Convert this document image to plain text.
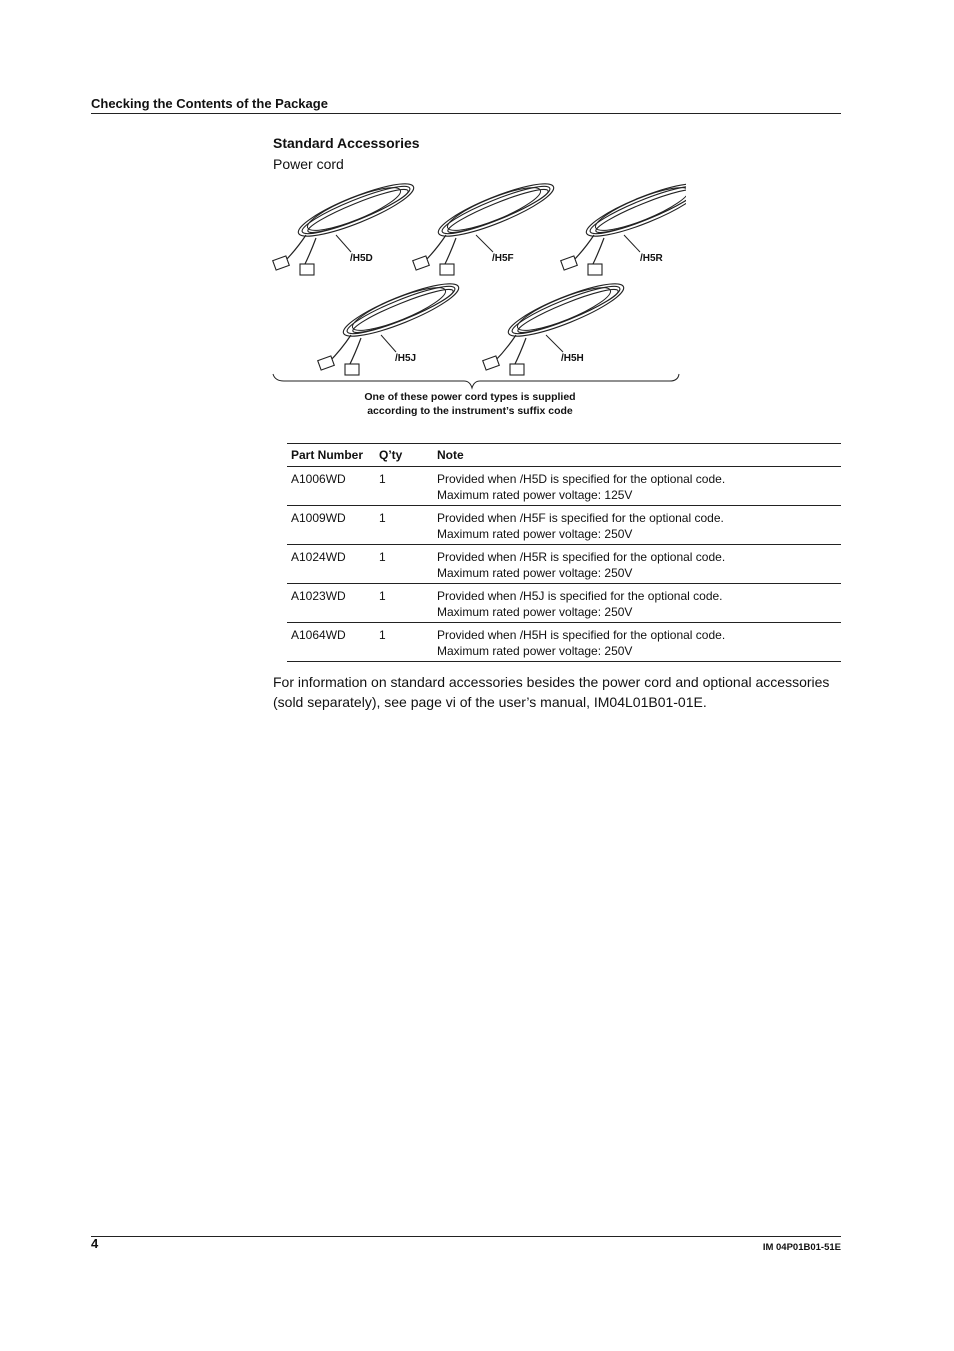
Checking the Contents of the Package
Standard Accessories
Power cord
/H5D	/H5F	/H5R
/H5J	/H5H
One of these power cord types is supplied
according to the instrument’s suffix code
Part Number	Q’ty	Note
A1006WD	1	Provided when /H5D is specified for the optional code.
Maximum rated power voltage: 125V

A1009WD	1	Provided when /H5F is specified for the optional code.
Maximum rated power voltage: 250V

A1024WD	1	Provided when /H5R is specified for the optional code.
Maximum rated power voltage: 250V

A1023WD	1	Provided when /H5J is specified for the optional code.
Maximum rated power voltage: 250V

A1064WD	1	Provided when /H5H is specified for the optional code.
Maximum rated power voltage: 250V
For information on standard accessories besides the power cord and optional accessories (sold separately), see page vi of the user’s manual, IM04L01B01-01E.
4	IM 04P01B01-51E
